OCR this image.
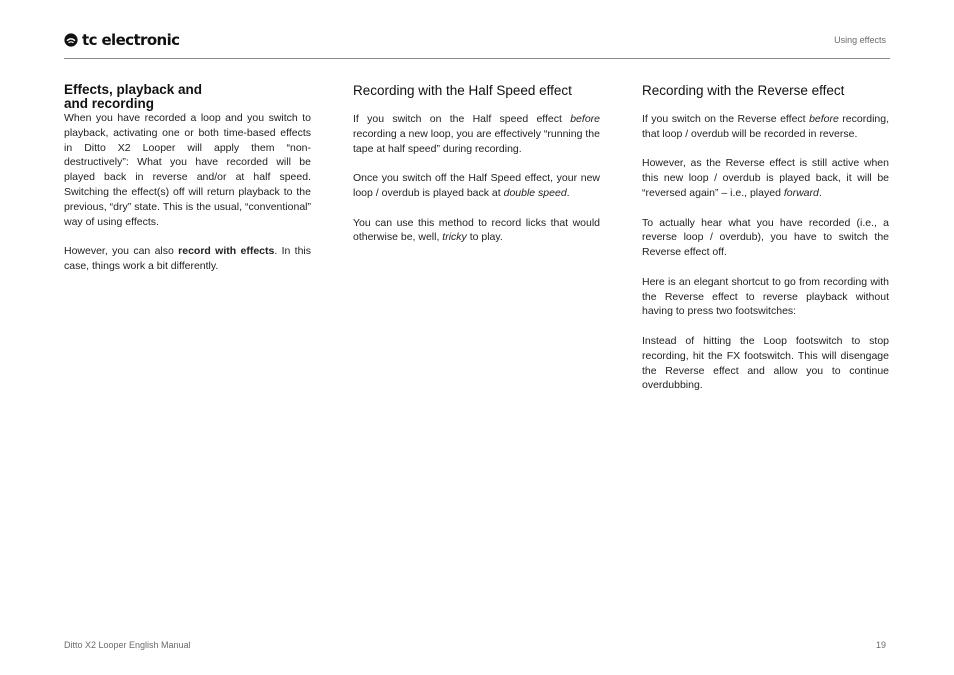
tc electronic	Using effects
Effects, playback and
and recording

When you have recorded a loop and you switch to playback, activating one or both time-based effects in Ditto X2 Looper will apply them “non-destructively”: What you have recorded will be played back in reverse and/or at half speed. Switching the effect(s) off will return playback to the previous, “dry” state. This is the usual, “conventional” way of using effects.

However, you can also record with effects. In this case, things work a bit differently.

Recording with the Half Speed effect

If you switch on the Half speed effect before recording a new loop, you are effectively “running the tape at half speed” during recording.

Once you switch off the Half Speed effect, your new loop / overdub is played back at double speed.

You can use this method to record licks that would otherwise be, well, tricky to play.

Recording with the Reverse effect

If you switch on the Reverse effect before recording, that loop / overdub will be recorded in reverse.

However, as the Reverse effect is still active when this new loop / overdub is played back, it will be “reversed again” – i.e., played forward.

To actually hear what you have recorded (i.e., a reverse loop / overdub), you have to switch the Reverse effect off.

Here is an elegant shortcut to go from recording with the Reverse effect to reverse playback without having to press two footswitches:

Instead of hitting the Loop footswitch to stop recording, hit the FX footswitch. This will disengage the Reverse effect and allow you to continue overdubbing.

Ditto X2 Looper English Manual	19
